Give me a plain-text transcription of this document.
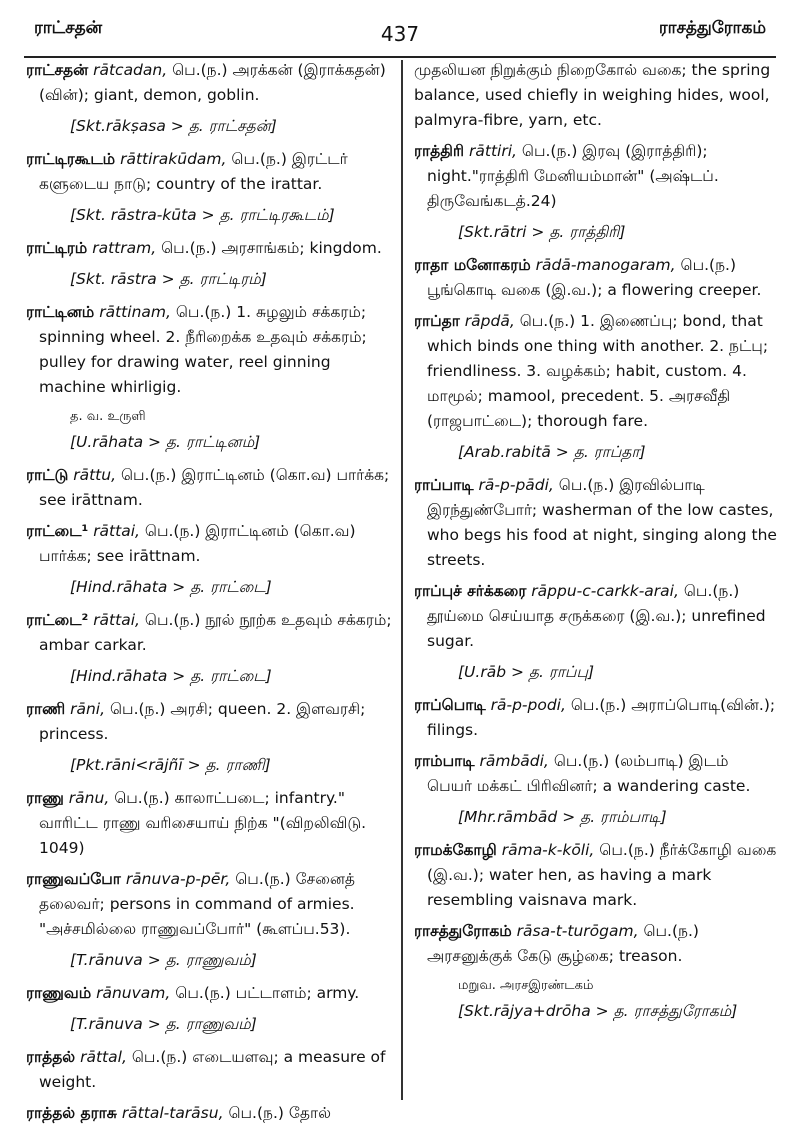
ராட்சதன்	437	ராசத்துரோகம்
ராட்சதன் rātcadan, பெ.(ந.) அரக்கன் (இராக்கதன்) (வின்); giant, demon, goblin.
[Skt.rākṣasa > த. ராட்சதன்]
ராட்டிரகூடம் rāttirakūdam, பெ.(ந.) இரட்டர் களுடைய நாடு; country of the irattar.
[Skt. rāstra-kūta > த. ராட்டிரகூடம்]
ராட்டிரம் rattram, பெ.(ந.) அரசாங்கம்; kingdom.
[Skt. rāstra > த. ராட்டிரம்]
ராட்டினம் rāttinam, பெ.(ந.) 1. சுழலும் சக்கரம்; spinning wheel. 2. நீரிறைக்க உதவும் சக்கரம்; pulley for drawing water, reel ginning machine whirligig.
த. வ. உருளி
[U.rāhata > த. ராட்டினம்]
ராட்டு rāttu, பெ.(ந.) இராட்டினம் (கொ.வ) பார்க்க; see irāttnam.
ராட்டை¹ rāttai, பெ.(ந.) இராட்டினம் (கொ.வ) பார்க்க; see irāttnam.
[Hind.rāhata > த. ராட்டை]
ராட்டை² rāttai, பெ.(ந.) நூல் நூற்க உதவும் சக்கரம்; ambar carkar.
[Hind.rāhata > த. ராட்டை]
ராணி rāni, பெ.(ந.) அரசி; queen. 2. இளவரசி; princess.
[Pkt.rāni<rājñī > த. ராணி]
ராணு rānu, பெ.(ந.) காலாட்படை; infantry." வாரிட்ட ராணு வரிசையாய் நிற்க "(விறலிவிடு. 1049)
ராணுவப்போ rānuva-p-pēr, பெ.(ந.) சேனைத் தலைவர்; persons in command of armies. "அச்சமில்லை ராணுவப்போர்" (கூளப்ப.53).
[T.rānuva > த. ராணுவம்]
ராணுவம் rānuvam, பெ.(ந.) பட்டாளம்; army.
[T.rānuva > த. ராணுவம்]
ராத்தல் rāttal, பெ.(ந.) எடையளவு; a measure of weight.
ராத்தல் தராசு rāttal-tarāsu, பெ.(ந.) தோல்
முதலியன நிறுக்கும் நிறைகோல் வகை; the spring balance, used chiefly in weighing hides, wool, palmyra-fibre, yarn, etc.
ராத்திரி rāttiri, பெ.(ந.) இரவு (இராத்திரி); night."ராத்திரி மேனியம்மான்" (அஷ்டப். திருவேங்கடத்.24)
[Skt.rātri > த. ராத்திரி]
ராதா மனோகரம் rādā-manogaram, பெ.(ந.) பூங்கொடி வகை (இ.வ.); a flowering creeper.
ராப்தா rāpdā, பெ.(ந.) 1. இணைப்பு; bond, that which binds one thing with another. 2. நட்பு; friendliness. 3. வழக்கம்; habit, custom. 4. மாமூல்; mamool, precedent. 5. அரசவீதி (ராஜபாட்டை); thorough fare.
[Arab.rabitā > த. ராப்தா]
ராப்பாடி rā-p-pādi, பெ.(ந.) இரவில்பாடி இரந்துண்போர்; washerman of the low castes, who begs his food at night, singing along the streets.
ராப்புச் சர்க்கரை rāppu-c-carkk-arai, பெ.(ந.) தூய்மை செய்யாத சருக்கரை (இ.வ.); unrefined sugar.
[U.rāb > த. ராப்பு]
ராப்பொடி rā-p-podi, பெ.(ந.) அராப்பொடி(வின்.); filings.
ராம்பாடி rāmbādi, பெ.(ந.) (லம்பாடி) இடம் பெயர் மக்கட் பிரிவினர்; a wandering caste.
[Mhr.rāmbād > த. ராம்பாடி]
ராமக்கோழி rāma-k-kōli, பெ.(ந.) நீர்க்கோழி வகை (இ.வ.); water hen, as having a mark resembling vaisnava mark.
ராசத்துரோகம் rāsa-t-turōgam, பெ.(ந.) அரசனுக்குக் கேடு சூழ்கை; treason.
மறுவ. அரசஇரண்டகம்
[Skt.rājya+drōha > த. ராசத்துரோகம்]
